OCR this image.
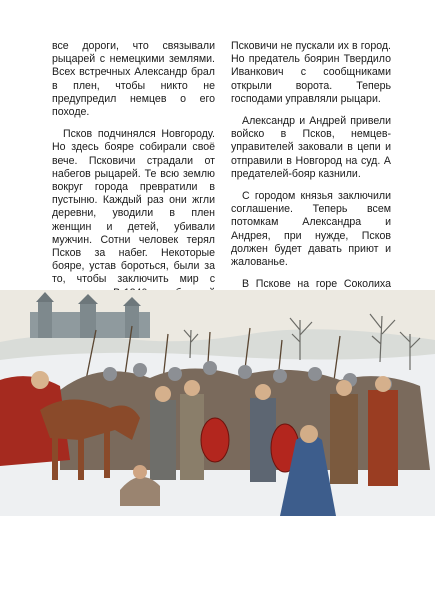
все дороги, что связывали рыцарей с немецкими землями. Всех встречных Александр брал в плен, чтобы никто не предупредил немцев о его походе.

Псков подчинялся Новгороду. Но здесь бояре собирали своё вече. Псковичи страдали от набегов рыцарей. Те всю землю вокруг города превратили в пустыню. Каждый раз они жгли деревни, уводили в плен женщин и детей, убивали мужчин. Сотни человек терял Псков за набег. Некоторые бояре, устав бороться, были за то, чтобы заключить мир с

Псковичи не пускали их в город. Но предатель боярин Твердило Иванкович с сообщниками открыли ворота. Теперь господами управляли рыцари.

Александр и Андрей привели войско в Псков, немцев-управителей заковали в цепи и отправили в Новгород на суд. А предателей-бояр казнили.

С городом князья заключили соглашение. Теперь всем потомкам Александра и Андрея, при нужде, Псков должен будет давать приют и жалованье.

В Пскове на горе Соколиха
